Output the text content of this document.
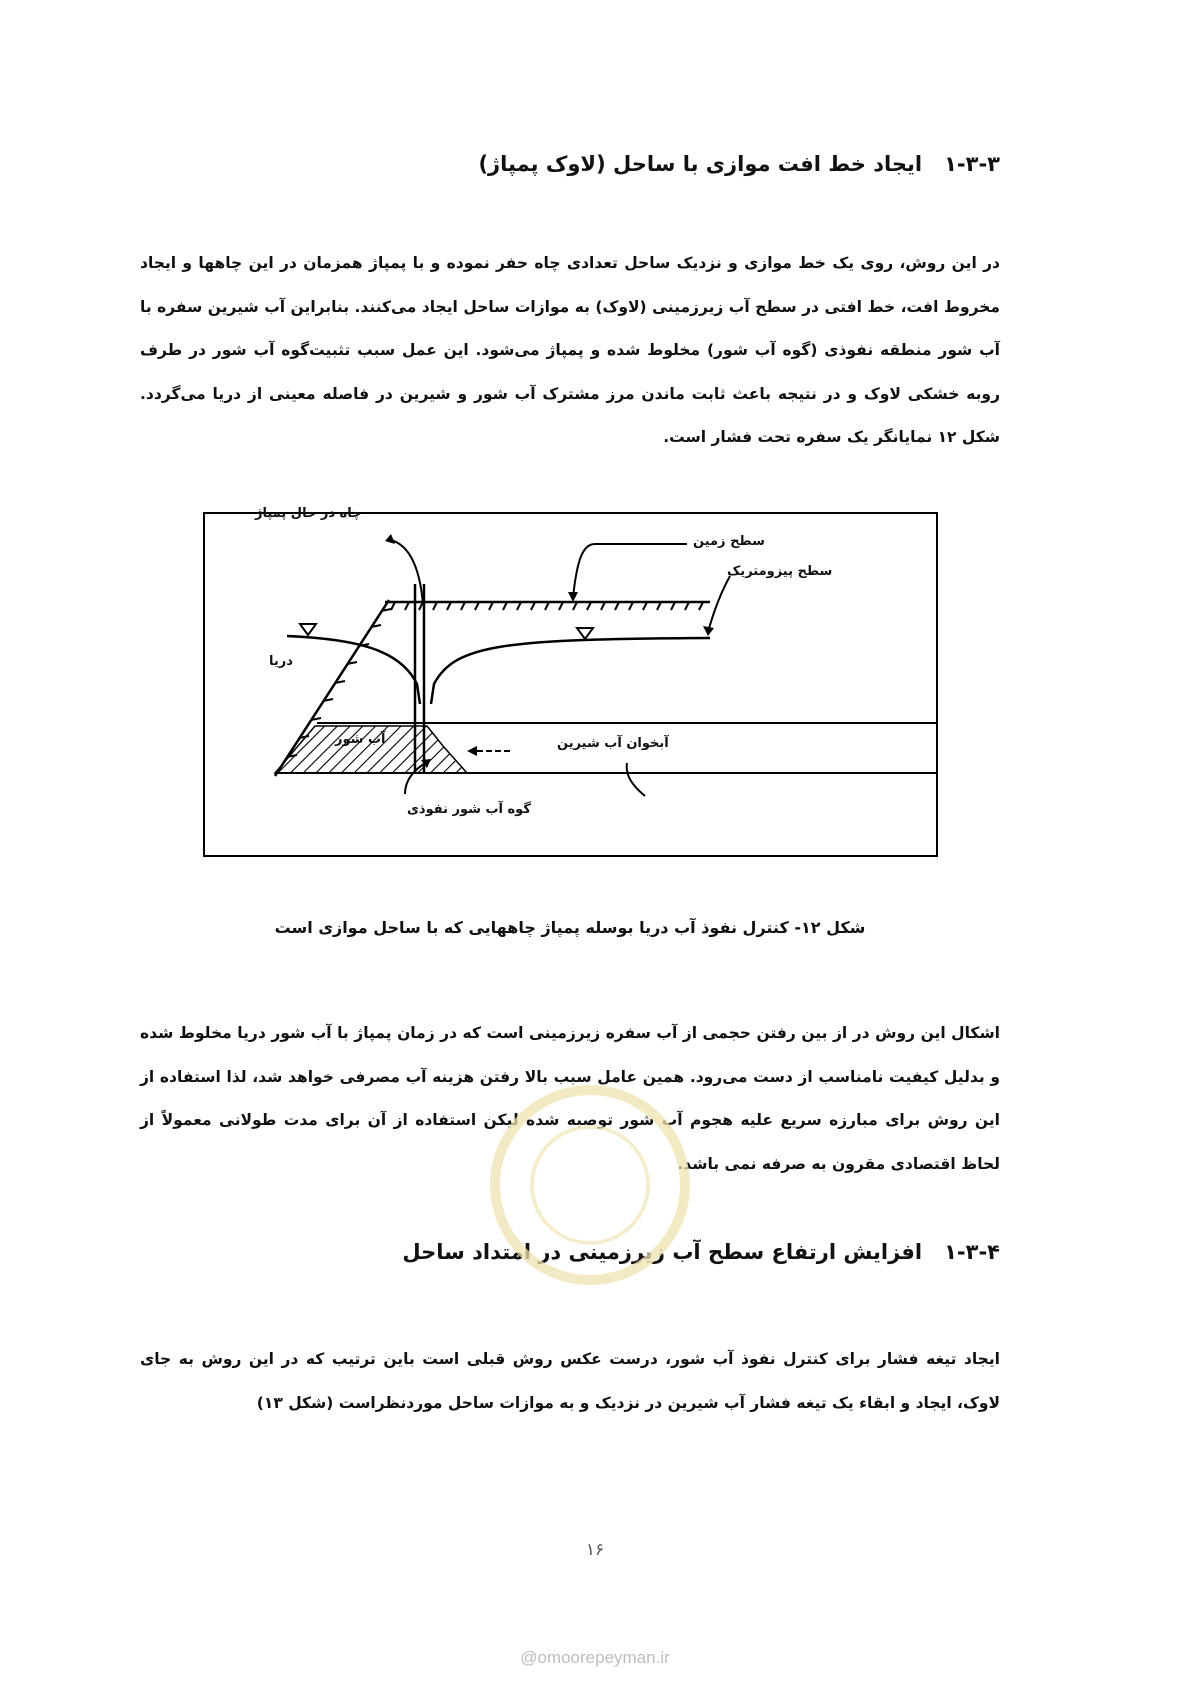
۱-۳-۳ایجاد خط افت موازی با ساحل (لاوک پمپاژ)

در این روش، روی یک خط موازی و نزدیک ساحل تعدادی چاه حفر نموده و با پمپاژ همزمان در این چاهها و ایجاد مخروط افت، خط افتی در سطح آب زیرزمینی (لاوک) به موازات ساحل ایجاد می‌کنند. بنابراین آب شیرین سفره با آب شور منطقه نفوذی (گوه آب شور) مخلوط شده و پمپاژ می‌شود. این عمل سبب تثبیت‌گوه آب شور در طرف روبه خشکی لاوک و در نتیجه باعث ثابت ماندن مرز مشترک آب شور و شیرین در فاصله معینی از دریا می‌گردد. شکل ۱۲ نمایانگر یک سفره تحت فشار است.

چاه در حال پمپاژ
سطح زمین
سطح پیزومتریک
دریا
آب شور	آبخوان آب شیرین
گوه آب شور نفوذی

شکل ۱۲- کنترل نفوذ آب دریا بوسله پمپاژ چاههایی که با ساحل موازی است

اشکال این روش در از بین رفتن حجمی از آب سفره زیرزمینی است که در زمان پمپاژ با آب شور دریا مخلوط شده و بدلیل کیفیت نامناسب از دست می‌رود. همین عامل سبب بالا رفتن هزینه آب مصرفی خواهد شد، لذا استفاده از این روش برای مبارزه سریع علیه هجوم آب شور توصیه شده لیکن استفاده از آن برای مدت طولانی معمولاً از لحاظ اقتصادی مقرون به صرفه نمی باشد.

۱-۳-۴افزایش ارتفاع سطح آب زیرزمینی در امتداد ساحل

ایجاد تیغه فشار برای کنترل نفوذ آب شور، درست عکس روش قبلی است باین ترتیب که در این روش به جای لاوک، ایجاد و ابقاء یک تیغه فشار آب شیرین در نزدیک و به موازات ساحل موردنظراست (شکل ۱۳)

۱۶
@omoorepeyman.ir
